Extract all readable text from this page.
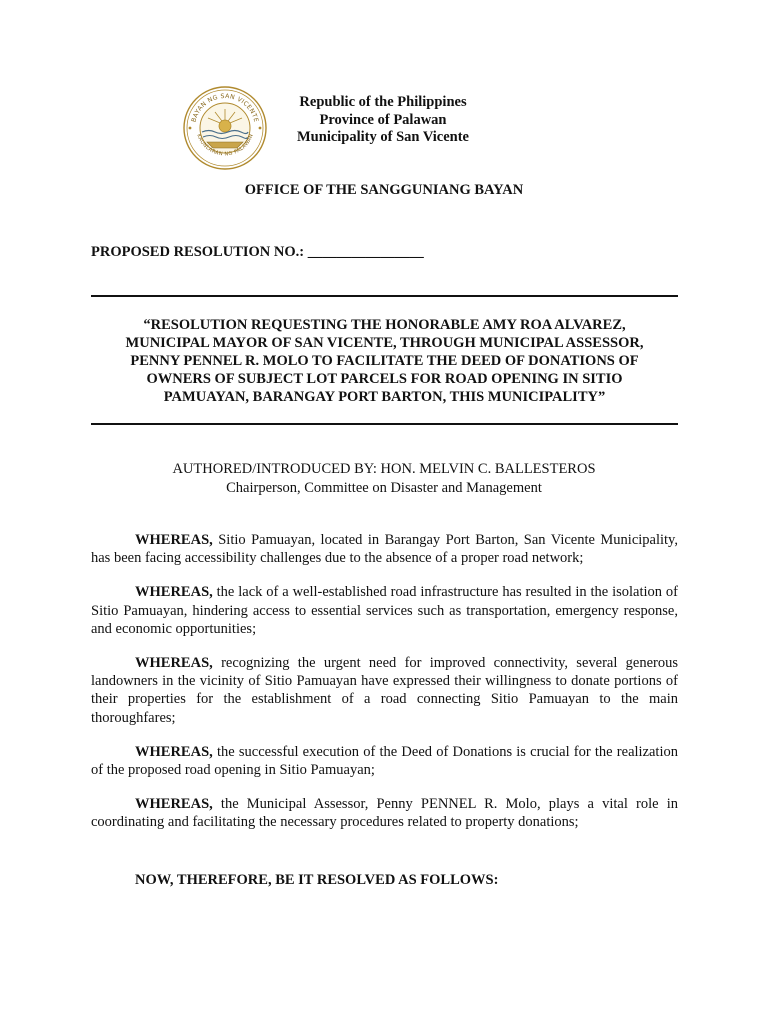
BAYAN NG SAN VICENTE
KAUNLARAN NG PALAWAN
Republic of the Philippines
Province of Palawan
Municipality of San Vicente
OFFICE OF THE SANGGUNIANG BAYAN
PROPOSED RESOLUTION NO.: ________________
“RESOLUTION REQUESTING THE HONORABLE AMY ROA ALVAREZ,
MUNICIPAL MAYOR OF SAN VICENTE, THROUGH MUNICIPAL ASSESSOR,
PENNY PENNEL R. MOLO TO FACILITATE THE DEED OF DONATIONS OF
OWNERS OF SUBJECT LOT PARCELS FOR ROAD OPENING IN SITIO
PAMUAYAN, BARANGAY PORT BARTON, THIS MUNICIPALITY”
AUTHORED/INTRODUCED BY: HON. MELVIN C. BALLESTEROS
Chairperson, Committee on Disaster and Management

WHEREAS, Sitio Pamuayan, located in Barangay Port Barton, San Vicente Municipality, has been facing accessibility challenges due to the absence of a proper road network;

WHEREAS, the lack of a well-established road infrastructure has resulted in the isolation of Sitio Pamuayan, hindering access to essential services such as transportation, emergency response, and economic opportunities;

WHEREAS, recognizing the urgent need for improved connectivity, several generous landowners in the vicinity of Sitio Pamuayan have expressed their willingness to donate portions of their properties for the establishment of a road connecting Sitio Pamuayan to the main thoroughfares;

WHEREAS, the successful execution of the Deed of Donations is crucial for the realization of the proposed road opening in Sitio Pamuayan;

WHEREAS, the Municipal Assessor, Penny PENNEL R. Molo, plays a vital role in coordinating and facilitating the necessary procedures related to property donations;

NOW, THEREFORE, BE IT RESOLVED AS FOLLOWS:
